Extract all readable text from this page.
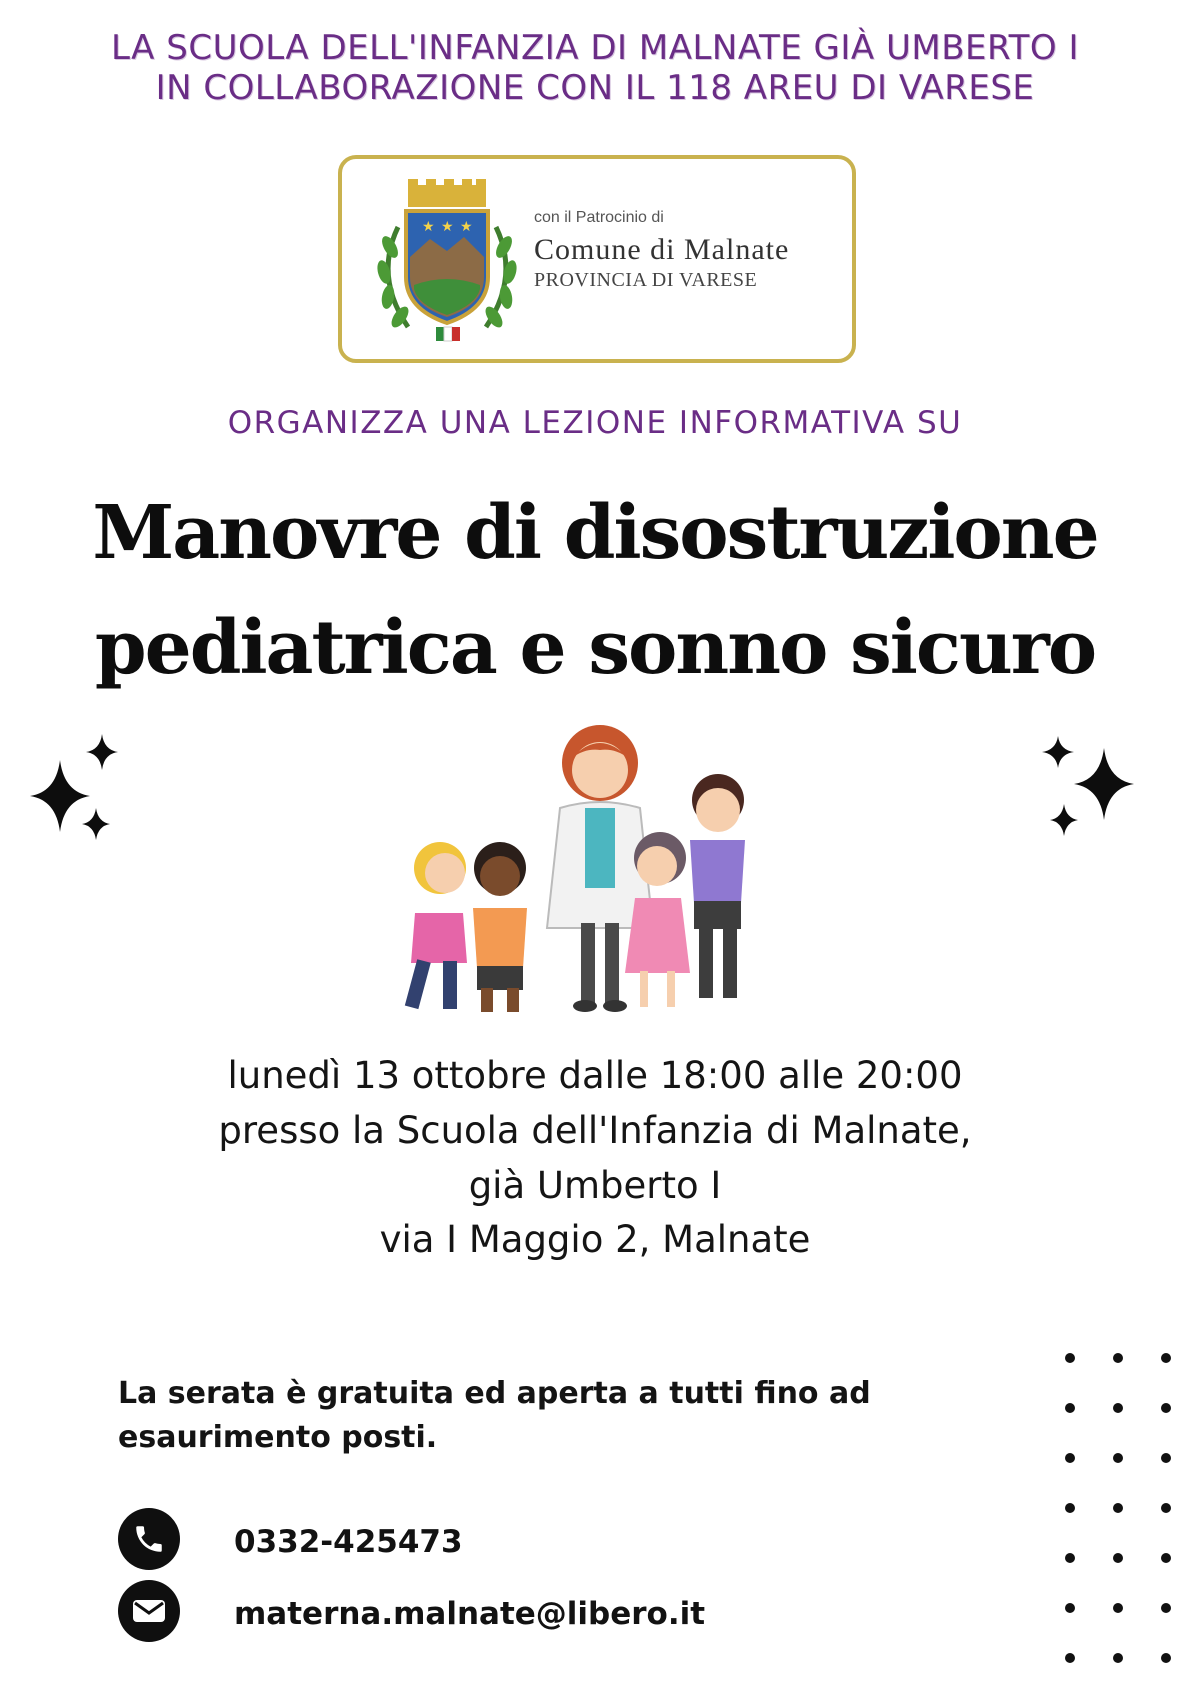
LA SCUOLA DELL'INFANZIA DI MALNATE GIÀ UMBERTO I
IN COLLABORAZIONE CON IL 118 AREU DI VARESE
★ ★ ★
con il Patrocinio di
Comune di Malnate
PROVINCIA DI VARESE
ORGANIZZA UNA LEZIONE INFORMATIVA SU
Manovre di disostruzione
pediatrica e sonno sicuro
lunedì 13 ottobre dalle 18:00 alle 20:00
presso la Scuola dell'Infanzia di Malnate,
già Umberto I
via I Maggio 2, Malnate
La serata è gratuita ed aperta a tutti fino ad esaurimento posti.
0332-425473
materna.malnate@libero.it
